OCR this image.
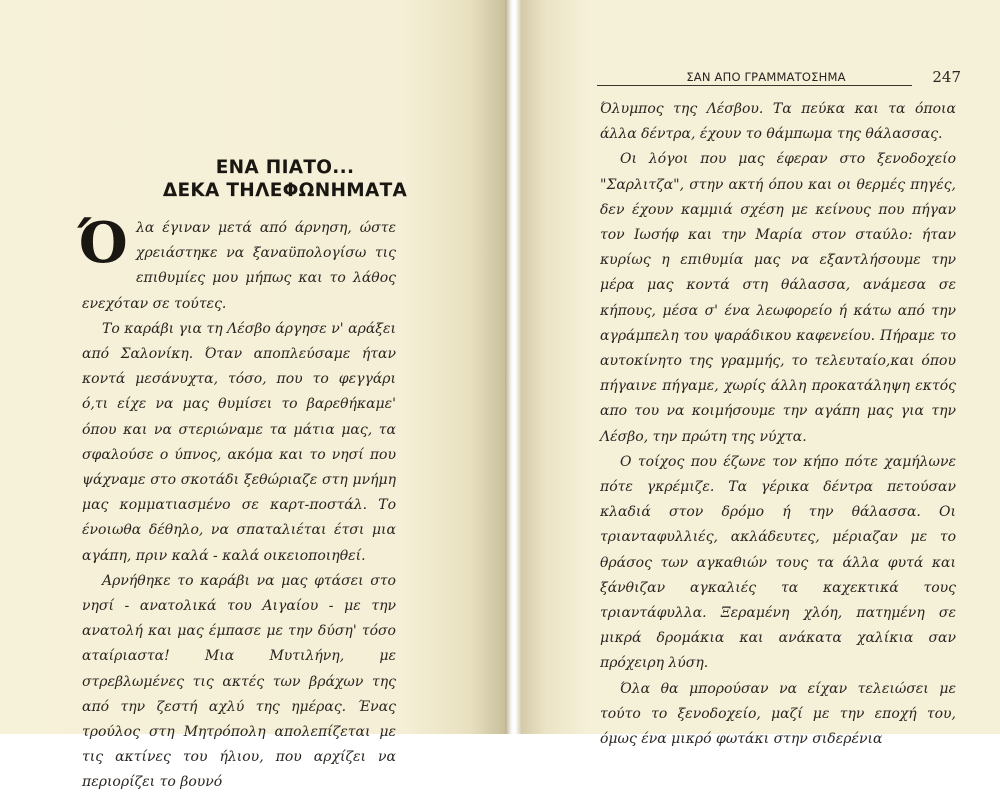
ΕΝΑ ΠΙΑΤΟ...
ΔΕΚΑ ΤΗΛΕΦΩΝΗΜΑΤΑ

Όλα έγιναν μετά από άρνηση, ώστε χρειάστηκε να ξαναϋπολογίσω τις επιθυμίες μου μήπως και το λάθος ενεχόταν σε τούτες.

Το καράβι για τη Λέσβο άργησε ν' αράξει από Σαλονίκη. Όταν αποπλεύσαμε ήταν κοντά μεσάνυχτα, τόσο, που το φεγγάρι ό,τι είχε να μας θυμίσει το βαρεθήκαμε' όπου και να στεριώναμε τα μάτια μας, τα σφαλούσε ο ύπνος, ακόμα και το νησί που ψάχναμε στο σκοτάδι ξεθώριαζε στη μνήμη μας κομματιασμένο σε καρτ-ποστάλ. Το ένοιωθα δέθηλο, να σπαταλιέται έτσι μια αγάπη, πριν καλά - καλά οικειοποιηθεί.

Αρνήθηκε το καράβι να μας φτάσει στο νησί - ανατολικά του Αιγαίου - με την ανατολή και μας έμπασε με την δύση' τόσο αταίριαστα! Μια Μυτιλήνη, με στρεβλωμένες τις ακτές των βράχων της από την ζεστή αχλύ της ημέρας. Ένας τρούλος στη Μητρόπολη απολεπίζεται με τις ακτίνες του ήλιου, που αρχίζει να περιορίζει το βουνό

ΣΑΝ ΑΠΟ ΓΡΑΜΜΑΤΟΣΗΜΑ	247

Όλυμπος της Λέσβου. Τα πεύκα και τα όποια άλλα δέντρα, έχουν το θάμπωμα της θάλασσας.

Οι λόγοι που μας έφεραν στο ξενοδοχείο "Σαρλιτζα", στην ακτή όπου και οι θερμές πηγές, δεν έχουν καμμιά σχέση με κείνους που πήγαν τον Ιωσήφ και την Μαρία στον σταύλο: ήταν κυρίως η επιθυμία μας να εξαντλήσουμε την μέρα μας κοντά στη θάλασσα, ανάμεσα σε κήπους, μέσα σ' ένα λεωφορείο ή κάτω από την αγράμπελη του ψαράδικου καφενείου. Πήραμε το αυτοκίνητο της γραμμής, το τελευταίο,και όπου πήγαινε πήγαμε, χωρίς άλλη προκατάληψη εκτός απο του να κοιμήσουμε την αγάπη μας για την Λέσβο, την πρώτη της νύχτα.

Ο τοίχος που έζωνε τον κήπο πότε χαμήλωνε πότε γκρέμιζε. Τα γέρικα δέντρα πετούσαν κλαδιά στον δρόμο ή την θάλασσα. Οι τριανταφυλλιές, ακλάδευτες, μέριαζαν με το θράσος των αγκαθιών τους τα άλλα φυτά και ξάνθιζαν αγκαλιές τα καχεκτικά τους τριαντάφυλλα. Ξεραμένη χλόη, πατημένη σε μικρά δρομάκια και ανάκατα χαλίκια σαν πρόχειρη λύση.

Όλα θα μπορούσαν να είχαν τελειώσει με τούτο το ξενοδοχείο, μαζί με την εποχή του, όμως ένα μικρό φωτάκι στην σιδερένια
